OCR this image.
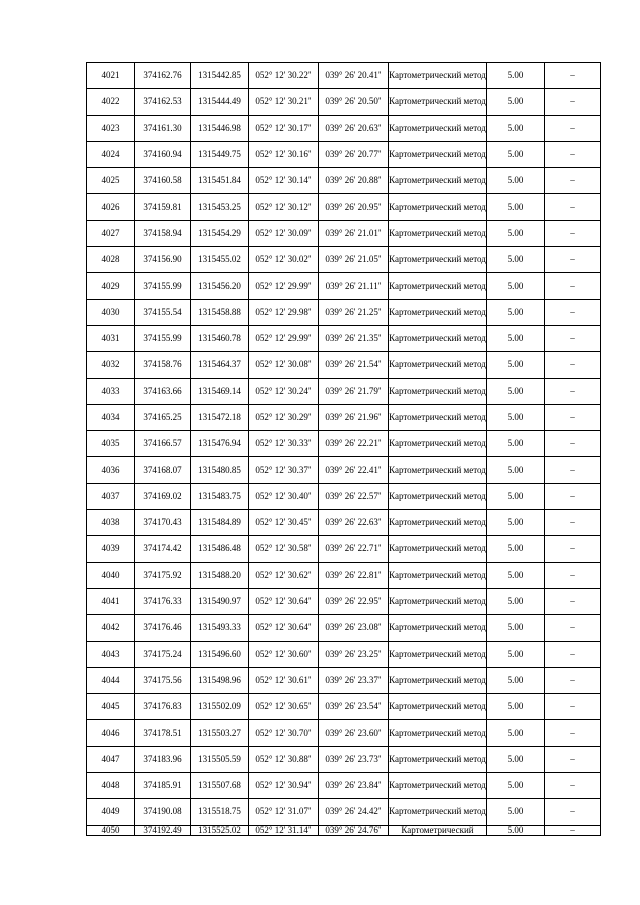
4021	374162.76	1315442.85	052° 12' 30.22"	039° 26' 20.41"	Картометрический метод	5.00	–
4022	374162.53	1315444.49	052° 12' 30.21"	039° 26' 20.50"	Картометрический метод	5.00	–
4023	374161.30	1315446.98	052° 12' 30.17"	039° 26' 20.63"	Картометрический метод	5.00	–
4024	374160.94	1315449.75	052° 12' 30.16"	039° 26' 20.77"	Картометрический метод	5.00	–
4025	374160.58	1315451.84	052° 12' 30.14"	039° 26' 20.88"	Картометрический метод	5.00	–
4026	374159.81	1315453.25	052° 12' 30.12"	039° 26' 20.95"	Картометрический метод	5.00	–
4027	374158.94	1315454.29	052° 12' 30.09"	039° 26' 21.01"	Картометрический метод	5.00	–
4028	374156.90	1315455.02	052° 12' 30.02"	039° 26' 21.05"	Картометрический метод	5.00	–
4029	374155.99	1315456.20	052° 12' 29.99"	039° 26' 21.11"	Картометрический метод	5.00	–
4030	374155.54	1315458.88	052° 12' 29.98"	039° 26' 21.25"	Картометрический метод	5.00	–
4031	374155.99	1315460.78	052° 12' 29.99"	039° 26' 21.35"	Картометрический метод	5.00	–
4032	374158.76	1315464.37	052° 12' 30.08"	039° 26' 21.54"	Картометрический метод	5.00	–
4033	374163.66	1315469.14	052° 12' 30.24"	039° 26' 21.79"	Картометрический метод	5.00	–
4034	374165.25	1315472.18	052° 12' 30.29"	039° 26' 21.96"	Картометрический метод	5.00	–
4035	374166.57	1315476.94	052° 12' 30.33"	039° 26' 22.21"	Картометрический метод	5.00	–
4036	374168.07	1315480.85	052° 12' 30.37"	039° 26' 22.41"	Картометрический метод	5.00	–
4037	374169.02	1315483.75	052° 12' 30.40"	039° 26' 22.57"	Картометрический метод	5.00	–
4038	374170.43	1315484.89	052° 12' 30.45"	039° 26' 22.63"	Картометрический метод	5.00	–
4039	374174.42	1315486.48	052° 12' 30.58"	039° 26' 22.71"	Картометрический метод	5.00	–
4040	374175.92	1315488.20	052° 12' 30.62"	039° 26' 22.81"	Картометрический метод	5.00	–
4041	374176.33	1315490.97	052° 12' 30.64"	039° 26' 22.95"	Картометрический метод	5.00	–
4042	374176.46	1315493.33	052° 12' 30.64"	039° 26' 23.08"	Картометрический метод	5.00	–
4043	374175.24	1315496.60	052° 12' 30.60"	039° 26' 23.25"	Картометрический метод	5.00	–
4044	374175.56	1315498.96	052° 12' 30.61"	039° 26' 23.37"	Картометрический метод	5.00	–
4045	374176.83	1315502.09	052° 12' 30.65"	039° 26' 23.54"	Картометрический метод	5.00	–
4046	374178.51	1315503.27	052° 12' 30.70"	039° 26' 23.60"	Картометрический метод	5.00	–
4047	374183.96	1315505.59	052° 12' 30.88"	039° 26' 23.73"	Картометрический метод	5.00	–
4048	374185.91	1315507.68	052° 12' 30.94"	039° 26' 23.84"	Картометрический метод	5.00	–
4049	374190.08	1315518.75	052° 12' 31.07"	039° 26' 24.42"	Картометрический метод	5.00	–
4050	374192.49	1315525.02	052° 12' 31.14"	039° 26' 24.76"	Картометрический	5.00	–
